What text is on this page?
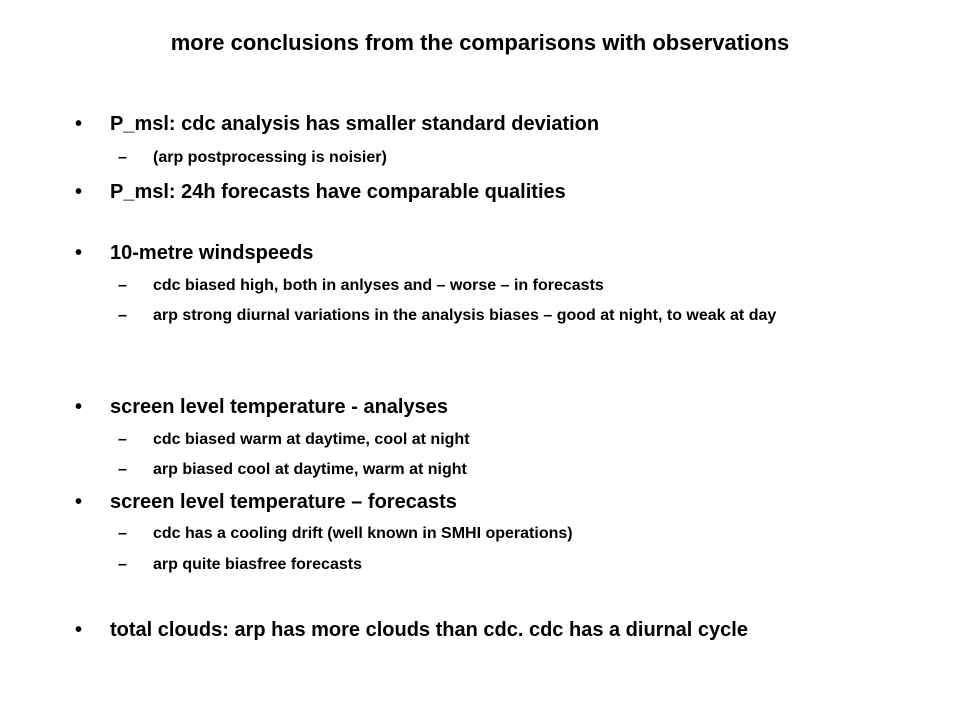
more conclusions from the comparisons with observations
• P_msl: cdc analysis has smaller standard deviation
– (arp postprocessing is noisier)
• P_msl: 24h forecasts have comparable qualities
• 10-metre windspeeds
– cdc biased high, both in anlyses and – worse – in forecasts
– arp strong diurnal variations in the analysis biases – good at night, to weak at day
• screen level temperature - analyses
– cdc biased warm at daytime, cool at night
– arp biased cool at daytime, warm at night
• screen level temperature – forecasts
– cdc has a cooling drift (well known in SMHI operations)
– arp quite biasfree forecasts
• total clouds: arp has more clouds than cdc. cdc has a diurnal cycle
